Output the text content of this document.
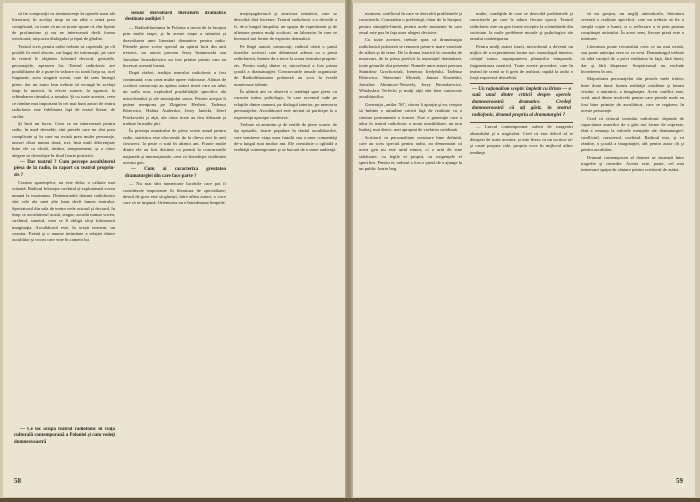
să fie compoziţii cu reminiscenţe în operele mari ale literaturii, în acelaşi timp să nu aibă o temă prea complicată, cu toate că nu se poate spune că sînt lipsite de profunzime şi nu ne interesează decît forma exterioară, mişcarea dialogului şi tipul de gîndire.

Teatrul scris pentru radio trebuie să cuprindă, pe cît posibil în mod discret, un bagaj de informaţii, pe care în teatrul le obţinem folosind decorul, gesturile, personajele, aşezarea lor. Teatrul radiofonic are posibilitatea de a pune în valoare cu toată forţa sa, acel fragment, acea singură scenă, care dă sens întregii piese; dar un autor bun trebuie să recurgă în acelaşi timp la muzică, la efecte sonore, la zgomot, la schimbarea ritmului, a tonului. Şi cu toate acestea, ceea ce rămîne mai important în cei mai buni autori de teatru radiofonic este fidelitatea faţă de textul literar, de cuvînt.

Şi încă un lucru. Ceea ce ne interesează pentru radio, în mod deosebit, sînt piesele care nu sînt prea complicate şi în care nu există prea multe personaje, uneori chiar numai două, trei, însă mult diferenţiate între ele ca vîrstă, timbru, temperament, şi a căror alegere se dovedeşte în final foarte potrivită.

— Dar teatrul ? Cum percepe ascultătorul piesa de la radio, în raport cu teatrul propriu-zis ?

Contrar aparenţelor, nu este deloc o calitate mai scăzută. Radioul foloseşte cuvîntul şi exploatează vocea umană la maximum. Dimensiunile dramei radiofonice sînt cele ale unei alte lumi decît lumea teatrului. Spectatorul din sala de teatru vede actorul şi decorul, în timp ce ascultătorul acasă, singur, ascultă numai vocea, cuvîntul, sunetul, ceea ce îl obligă să-şi folosească imaginaţia. Ascultătorul este, în aceşti termeni, un coautor. Există şi o anume intimitate a relaţiei dintre ascultător şi vocea care vine în camera lui.

sensul dezvoltării literaturii dramatice destinate audiţiei ?

— Radiodifuziunea în Polonia a trecut de la început prin multe etape, şi în aceste etape a stimulat şi dezvoltarea unei literaturi dramatice pentru radio. Primele piese scrise special au apărut încă din anii treizeci, iar autori precum Jerzy Szaniawski sau Jarosław Iwaszkiewicz au fost printre primii care au încercat această formă.

După război, tradiţia teatrului radiofonic a fost continuată; s-au creat multe opere valoroase. Alături de scriitori consacraţi au apărut autori tineri care au adus un suflu nou, explorînd posibilităţile specifice ale microfonului şi ale montajului sonor. Printre aceştia îi putem menţiona pe Zbigniew Herbert, Tadeusz Różewicz, Halina Auderska, Jerzy Janicki, Józef Prutkowski şi alţii, ale căror texte au fost difuzate şi traduse în multe ţări.

În privinţa numărului de piese scrise anual pentru radio, statistica este elocventă: de la cîteva zeci în anii cincizeci, la peste o sută în ultimii ani. Foarte multe dintre ele au fost distinse cu premii la concursurile naţionale şi internaţionale, ceea ce dovedeşte vitalitatea acestui gen.

— Cum ai caracteriza greutatea dramaturgiei din care face parte ?

— Nu mai sînt numeroase lucrările care pot fi considerate importante în literatura de specialitate; destul de greu este să găseşti, între atîtea autori, o voce care să se impună. Orientarea nu e întotdeauna limpede.

meşteşugărească şi structura tematică, care se dezvoltă fără încetare. Teatrul radiofonic s-a dovedit a fi, de-a lungul timpului, un spaţiu de experiment şi de afirmare pentru mulţi scriitori, un laborator în care se încearcă noi forme de expresie dramatică.

Pe lîngă autorii consacraţi, radioul oferă o şansă tinerilor scriitori care debutează adesea cu o piesă radiofonică, înainte de a trece la scena teatrului propriu-zis. Pentru mulţi dintre ei, microfonul a fost prima şcoală a dramaturgiei. Concursurile anuale organizate de Radiodifuziunea poloneză au scos la iveală numeroase talente.

În ultimii ani se observă o tendinţă spre piese cu caracter intim, psihologic, în care accentul cade pe relaţiile dintre oameni, pe dialogul interior, pe memoria personajelor. Ascultătorul este invitat să participe la o experienţă aproape confesivă.

Trebuie să amintim şi de seriile de piese scurte, de tip episodic, foarte populare în rîndul ascultătorilor, care urmăresc viaţa unor familii sau a unor comunităţi de-a lungul mai multor ani. Ele constituie o oglindă a realităţii contemporane şi se bucură de o mare audienţă.

— Ce loc ocupă teatrul radiofonic în viaţa culturală contemporană a Poloniei şi cum vedeţi dumneavoastră

58

moment, conflictul în care se dezvoltă problemele şi caracterele. Constatăm o preferinţă, chiar de la început, pentru situaţiile-limită, pentru acele momente în care omul este pus în faţa unor alegeri decisive.

Cu toate acestea, trebuie spus că dramaturgia radiofonică poloneză se remarcă printr-o mare varietate de stiluri şi de teme. De la drama istorică la comedia de moravuri, de la piesa poetică la reportajul dramatizat, toate genurile sînt prezente. Numele unor autori precum Stanisław Grochowiak, Ireneusz Iredyński, Tadeusz Różewicz, Sławomir Mrożek, Janusz Krasiński, Jarosław Abramow-Newerly, Jerzy Broszkiewicz, Władysław Terlecki şi mulţi alţii sînt bine cunoscute ascultătorilor.

Generaţia „anilor '56", cărora li aparţin şi eu, reuşise să îmbine o atitudine critică faţă de realitate cu o căutare permanentă a formei. Este o generaţie care a adus în teatrul radiofonic o nouă sensibilitate, un nou limbaj, mai direct, mai apropiat de vorbirea cotidiană.

Scriitorii cu personalitate creatoare bine definită, care au scris special pentru radio, au demonstrat că acest gen nu este unul minor, ci o artă de sine stătătoare, cu legile ei proprii, cu exigenţele ei specifice. Pentru ei, radioul a fost o şansă de a ajunge la un public foarte larg.

multe, condiţiile în care se dezvoltă problemele şi caracterele pe care le aduce fiecare epocă. Teatrul radiofonic este un gen foarte receptiv la schimbările din societate, la noile probleme morale şi psihologice ale omului contemporan.

Pentru mulţi autori tineri, microfonul a devenit un mijloc de a experimenta forme noi: monologul interior, colajul sonor, suprapunerea planurilor temporale, fragmentarea narativă. Toate aceste procedee, care în teatrul de scenă ar fi greu de realizat, capătă la radio o forţă expresivă deosebită.

— Un raţionalism sceptic împletit cu lirism — o sută unul dintre criticii despre operele dumneavoastră dramatice. Credeţi dumneavoastră că aţi găsit, în teatrul radiofonic, drumul propriu al dramaturgiei ?

— Lucrul contemporană suferă de exagerări absurdului şi a tragicului. Cred că este dificil să te detaşezi de toate acestea, şi este firesc ca un scriitor să-şi caute propria cale, propria voce în mijlocul atîtor tendinţe.

să nu greşim, nu neglij antivalorile, literatura creează o realitate specifică, care nu trebuie să fie o simplă copie a lumii, ci o reflectare a ei prin prisma conştiinţei artistului. În acest sens, fiecare piesă este o mărturie.

Literatura poate reconstitui ceea ce nu mai există, sau poate anticipa ceea ce va veni. Dramaturgul trebuie să aibă curajul de a privi realitatea în faţă, fără iluzii, dar şi fără disperare. Scepticismul nu exclude încrederea în om.

Majoritatea personajelor din piesele mele trăiesc între două lumi: lumea realităţii cotidiene şi lumea visului, a amintirii, a imaginaţiei. Acest conflict este, cred, unul dintre motivele pentru care piesele mele au fost bine primite de ascultători, care se regăsesc în aceste personaje.

Cred că viitorul teatrului radiofonic depinde de capacitatea autorilor de a găsi noi forme de expresie, fără a renunţa la valorile esenţiale ale dramaturgiei: conflictul, caracterul, cuvîntul. Radioul este, şi va rămîne, o şcoală a imaginaţiei, atît pentru autor cît şi pentru ascultător.

Drumul contemporan al dramei se situează între tragedie şi comedie. Acesta este, poate, cel mai interesant spaţiu de căutare pentru scriitorul de astăzi.

59
